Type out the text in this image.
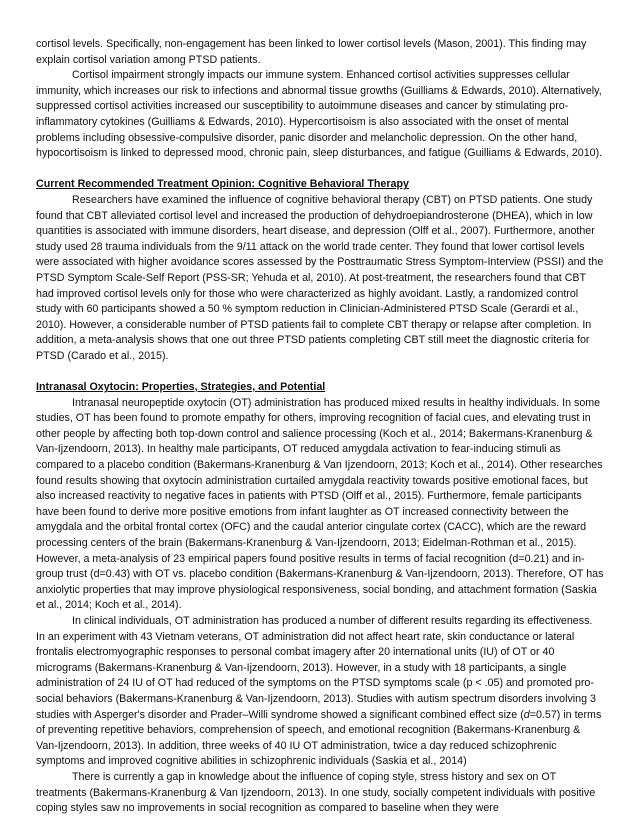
cortisol levels. Specifically, non-engagement has been linked to lower cortisol levels (Mason, 2001). This finding may explain cortisol variation among PTSD patients.

Cortisol impairment strongly impacts our immune system. Enhanced cortisol activities suppresses cellular immunity, which increases our risk to infections and abnormal tissue growths (Guilliams & Edwards, 2010). Alternatively, suppressed cortisol activities increased our susceptibility to autoimmune diseases and cancer by stimulating pro-inflammatory cytokines (Guilliams & Edwards, 2010). Hypercortisoism is also associated with the onset of mental problems including obsessive-compulsive disorder, panic disorder and melancholic depression. On the other hand, hypocortisoism is linked to depressed mood, chronic pain, sleep disturbances, and fatigue (Guilliams & Edwards, 2010).

Current Recommended Treatment Opinion: Cognitive Behavioral Therapy

Researchers have examined the influence of cognitive behavioral therapy (CBT) on PTSD patients. One study found that CBT alleviated cortisol level and increased the production of dehydroepiandrosterone (DHEA), which in low quantities is associated with immune disorders, heart disease, and depression (Olff et al., 2007). Furthermore, another study used 28 trauma individuals from the 9/11 attack on the world trade center. They found that lower cortisol levels were associated with higher avoidance scores assessed by the Posttraumatic Stress Symptom-Interview (PSSI) and the PTSD Symptom Scale-Self Report (PSS-SR; Yehuda et al, 2010). At post-treatment, the researchers found that CBT had improved cortisol levels only for those who were characterized as highly avoidant. Lastly, a randomized control study with 60 participants showed a 50 % symptom reduction in Clinician-Administered PTSD Scale (Gerardi et al., 2010). However, a considerable number of PTSD patients fail to complete CBT therapy or relapse after completion. In addition, a meta-analysis shows that one out three PTSD patients completing CBT still meet the diagnostic criteria for PTSD (Carado et al., 2015).

Intranasal Oxytocin: Properties, Strategies, and Potential

Intranasal neuropeptide oxytocin (OT) administration has produced mixed results in healthy individuals. In some studies, OT has been found to promote empathy for others, improving recognition of facial cues, and elevating trust in other people by affecting both top-down control and salience processing (Koch et al., 2014; Bakermans-Kranenburg & Van-Ijzendoorn, 2013). In healthy male participants, OT reduced amygdala activation to fear-inducing stimuli as compared to a placebo condition (Bakermans-Kranenburg & Van Ijzendoorn, 2013; Koch et al., 2014). Other researches found results showing that oxytocin administration curtailed amygdala reactivity towards positive emotional faces, but also increased reactivity to negative faces in patients with PTSD (Olff et al., 2015). Furthermore, female participants have been found to derive more positive emotions from infant laughter as OT increased connectivity between the amygdala and the orbital frontal cortex (OFC) and the caudal anterior cingulate cortex (CACC), which are the reward processing centers of the brain (Bakermans-Kranenburg & Van-Ijzendoorn, 2013; Eidelman-Rothman et al., 2015). However, a meta-analysis of 23 empirical papers found positive results in terms of facial recognition (d=0.21) and in-group trust (d=0.43) with OT vs. placebo condition (Bakermans-Kranenburg & Van-Ijzendoorn, 2013). Therefore, OT has anxiolytic properties that may improve physiological responsiveness, social bonding, and attachment formation (Saskia et al., 2014; Koch et al., 2014).

In clinical individuals, OT administration has produced a number of different results regarding its effectiveness. In an experiment with 43 Vietnam veterans, OT administration did not affect heart rate, skin conductance or lateral frontalis electromyographic responses to personal combat imagery after 20 international units (IU) of OT or 40 micrograms (Bakermans-Kranenburg & Van-Ijzendoorn, 2013). However, in a study with 18 participants, a single administration of 24 IU of OT had reduced of the symptoms on the PTSD symptoms scale (p < .05) and promoted pro-social behaviors (Bakermans-Kranenburg & Van-Ijzendoorn, 2013). Studies with autism spectrum disorders involving 3 studies with Asperger's disorder and Prader–Willi syndrome showed a significant combined effect size (d=0.57) in terms of preventing repetitive behaviors, comprehension of speech, and emotional recognition (Bakermans-Kranenburg & Van-Ijzendoorn, 2013). In addition, three weeks of 40 IU OT administration, twice a day reduced schizophrenic symptoms and improved cognitive abilities in schizophrenic individuals (Saskia et al., 2014)

There is currently a gap in knowledge about the influence of coping style, stress history and sex on OT treatments (Bakermans-Kranenburg & Van Ijzendoorn, 2013). In one study, socially competent individuals with positive coping styles saw no improvements in social recognition as compared to baseline when they were
